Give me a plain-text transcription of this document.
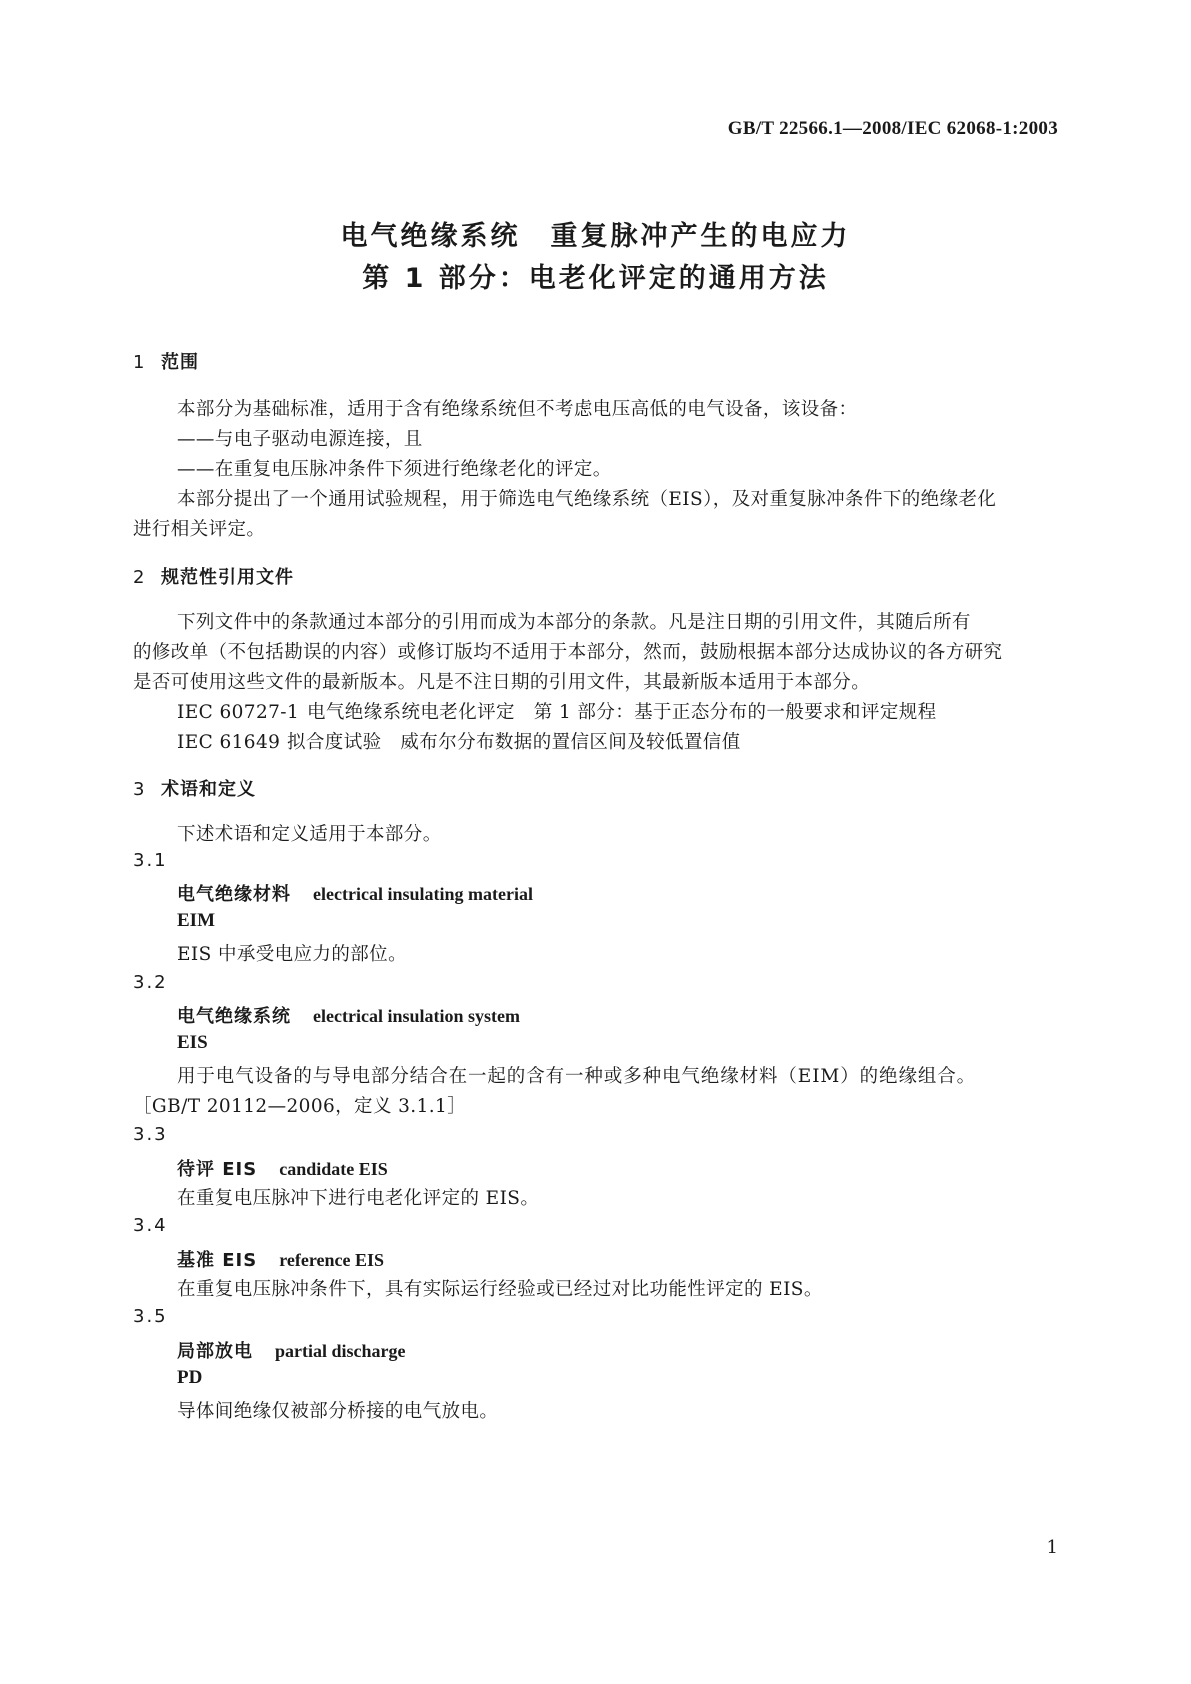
GB/T 22566.1—2008/IEC 62068-1:2003
电气绝缘系统　重复脉冲产生的电应力
第 1 部分：电老化评定的通用方法
1 范围
本部分为基础标准，适用于含有绝缘系统但不考虑电压高低的电气设备，该设备：
——与电子驱动电源连接，且
——在重复电压脉冲条件下须进行绝缘老化的评定。
本部分提出了一个通用试验规程，用于筛选电气绝缘系统（EIS），及对重复脉冲条件下的绝缘老化
进行相关评定。
2 规范性引用文件
下列文件中的条款通过本部分的引用而成为本部分的条款。凡是注日期的引用文件，其随后所有
的修改单（不包括勘误的内容）或修订版均不适用于本部分，然而，鼓励根据本部分达成协议的各方研究
是否可使用这些文件的最新版本。凡是不注日期的引用文件，其最新版本适用于本部分。
IEC 60727-1 电气绝缘系统电老化评定　第 1 部分：基于正态分布的一般要求和评定规程
IEC 61649 拟合度试验　威布尔分布数据的置信区间及较低置信值
3 术语和定义
下述术语和定义适用于本部分。
3.1
电气绝缘材料 electrical insulating material
EIM
EIS 中承受电应力的部位。
3.2
电气绝缘系统 electrical insulation system
EIS
用于电气设备的与导电部分结合在一起的含有一种或多种电气绝缘材料（EIM）的绝缘组合。
［GB/T 20112—2006，定义 3.1.1］
3.3
待评 EIS candidate EIS
在重复电压脉冲下进行电老化评定的 EIS。
3.4
基准 EIS reference EIS
在重复电压脉冲条件下，具有实际运行经验或已经过对比功能性评定的 EIS。
3.5
局部放电 partial discharge
PD
导体间绝缘仅被部分桥接的电气放电。
1
